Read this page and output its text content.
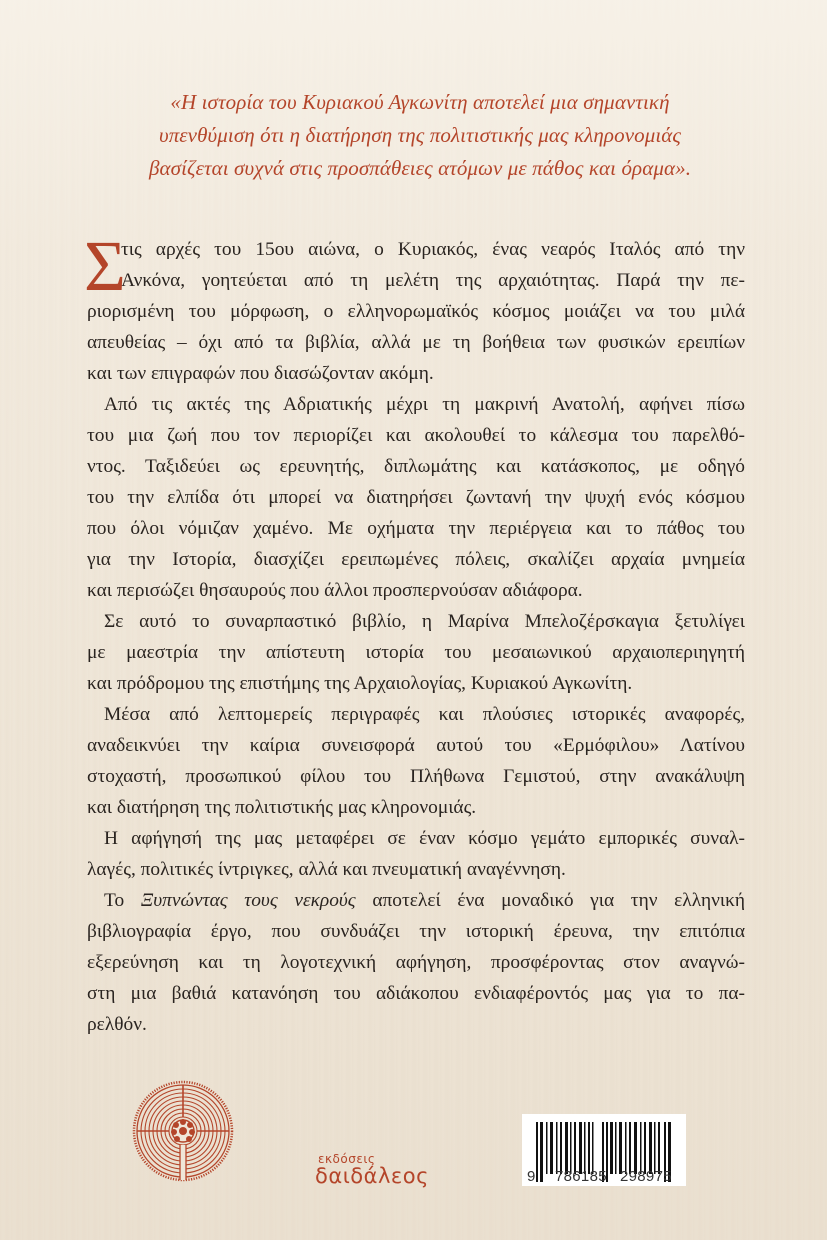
«Η ιστορία του Κυριακού Αγκωνίτη αποτελεί μια σημαντική
υπενθύμιση ότι η διατήρηση της πολιτιστικής μας κληρονομιάς
βασίζεται συχνά στις προσπάθειες ατόμων με πάθος και όραμα».
Σ
τις αρχές του 15ου αιώνα, ο Κυριακός, ένας νεαρός Ιταλός από την
Ανκόνα, γοητεύεται από τη μελέτη της αρχαιότητας. Παρά την πε-
ριορισμένη του μόρφωση, ο ελληνορωμαϊκός κόσμος μοιάζει να του μιλά
απευθείας – όχι από τα βιβλία, αλλά με τη βοήθεια των φυσικών ερειπίων
και των επιγραφών που διασώζονταν ακόμη.
Από τις ακτές της Αδριατικής μέχρι τη μακρινή Ανατολή, αφήνει πίσω
του μια ζωή που τον περιορίζει και ακολουθεί το κάλεσμα του παρελθό-
ντος. Ταξιδεύει ως ερευνητής, διπλωμάτης και κατάσκοπος, με οδηγό
του την ελπίδα ότι μπορεί να διατηρήσει ζωντανή την ψυχή ενός κόσμου
που όλοι νόμιζαν χαμένο. Με οχήματα την περιέργεια και το πάθος του
για την Ιστορία, διασχίζει ερειπωμένες πόλεις, σκαλίζει αρχαία μνημεία
και περισώζει θησαυρούς που άλλοι προσπερνούσαν αδιάφορα.
Σε αυτό το συναρπαστικό βιβλίο, η Μαρίνα Μπελοζέρσκαγια ξετυλίγει
με μαεστρία την απίστευτη ιστορία του μεσαιωνικού αρχαιοπεριηγητή
και πρόδρομου της επιστήμης της Αρχαιολογίας, Κυριακού Αγκωνίτη.
Μέσα από λεπτομερείς περιγραφές και πλούσιες ιστορικές αναφορές,
αναδεικνύει την καίρια συνεισφορά αυτού του «Ερμόφιλου» Λατίνου
στοχαστή, προσωπικού φίλου του Πλήθωνα Γεμιστού, στην ανακάλυψη
και διατήρηση της πολιτιστικής μας κληρονομιάς.
Η αφήγησή της μας μεταφέρει σε έναν κόσμο γεμάτο εμπορικές συναλ-
λαγές, πολιτικές ίντριγκες, αλλά και πνευματική αναγέννηση.
Το Ξυπνώντας τους νεκρούς αποτελεί ένα μοναδικό για την ελληνική
βιβλιογραφία έργο, που συνδυάζει την ιστορική έρευνα, την επιτόπια
εξερεύνηση και τη λογοτεχνική αφήγηση, προσφέροντας στον αναγνώ-
στη μια βαθιά κατανόηση του αδιάκοπου ενδιαφέροντός μας για το πα-
ρελθόν.
εκδόσεις
δαιδάλεος	9 786185 298975
